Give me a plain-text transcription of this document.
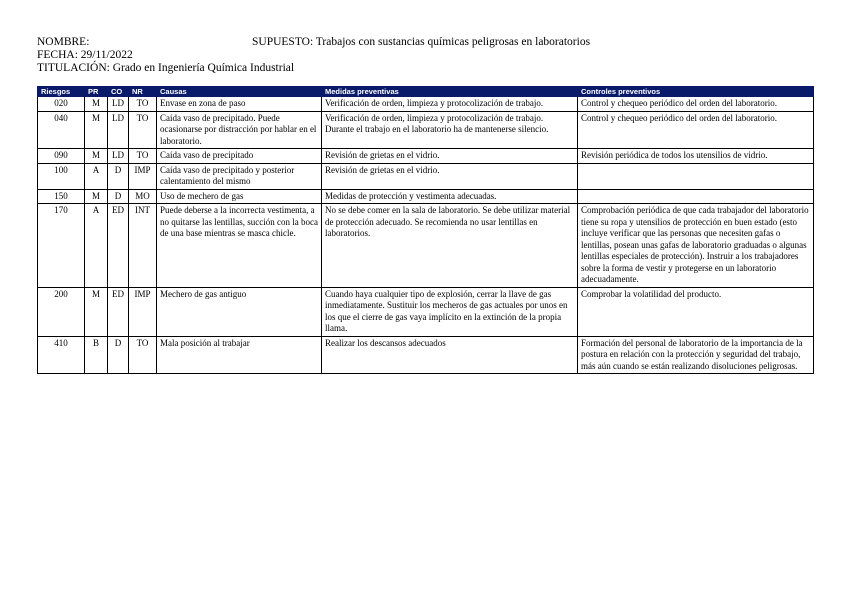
NOMBRE:	SUPUESTO: Trabajos con sustancias químicas peligrosas en laboratorios
FECHA: 29/11/2022
TITULACIÓN: Grado en Ingeniería Química Industrial
Riesgos	PR	CO	NR	Causas	Medidas preventivas	Controles preventivos
020	M	LD	TO	Envase en zona de paso	Verificación de orden, limpieza y protocolización de trabajo.	Control y chequeo periódico del orden del laboratorio.
040	M	LD	TO	Caída vaso de precipitado. Puede ocasionarse por distracción por hablar en el laboratorio.	Verificación de orden, limpieza y protocolización de trabajo. Durante el trabajo en el laboratorio ha de mantenerse silencio.	Control y chequeo periódico del orden del laboratorio.
090	M	LD	TO	Caída vaso de precipitado	Revisión de grietas en el vidrio.	Revisión periódica de todos los utensilios de vidrio.
100	A	D	IMP	Caída vaso de precipitado y posterior calentamiento del mismo	Revisión de grietas en el vidrio.	
150	M	D	MO	Uso de mechero de gas	Medidas de protección y vestimenta adecuadas.	
170	A	ED	INT	Puede deberse a la incorrecta vestimenta, a no quitarse las lentillas, succión con la boca de una base mientras se masca chicle.	No se debe comer en la sala de laboratorio. Se debe utilizar material de protección adecuado. Se recomienda no usar lentillas en laboratorios.	Comprobación periódica de que cada trabajador del laboratorio tiene su ropa y utensilios de protección en buen estado (esto incluye verificar que las personas que necesiten gafas o lentillas, posean unas gafas de laboratorio graduadas o algunas lentillas especiales de protección). Instruir a los trabajadores sobre la forma de vestir y protegerse en un laboratorio adecuadamente.
200	M	ED	IMP	Mechero de gas antiguo	Cuando haya cualquier tipo de explosión, cerrar la llave de gas inmediatamente. Sustituir los mecheros de gas actuales por unos en los que el cierre de gas vaya implícito en la extinción de la propia llama.	Comprobar la volatilidad del producto.
410	B	D	TO	Mala posición al trabajar	Realizar los descansos adecuados	Formación del personal de laboratorio de la importancia de la postura en relación con la protección y seguridad del trabajo, más aún cuando se están realizando disoluciones peligrosas.
